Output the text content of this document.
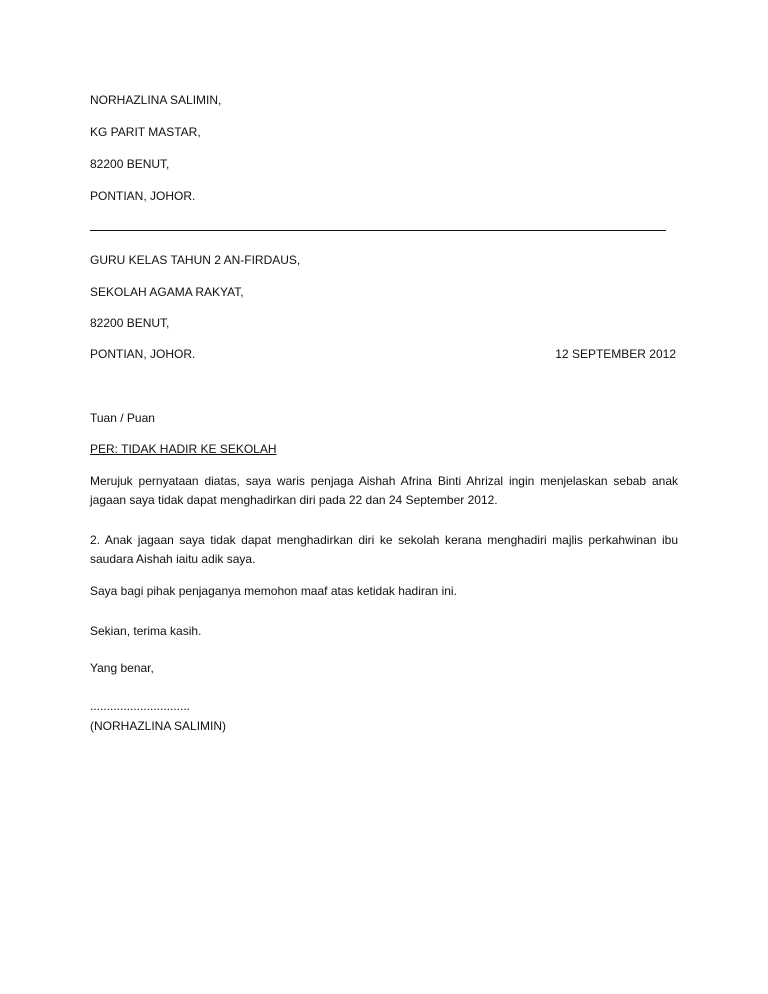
NORHAZLINA SALIMIN,
KG PARIT MASTAR,
82200 BENUT,
PONTIAN, JOHOR.
GURU KELAS TAHUN 2 AN-FIRDAUS,
SEKOLAH AGAMA RAKYAT,
82200 BENUT,
PONTIAN, JOHOR.	12 SEPTEMBER 2012
Tuan / Puan
PER: TIDAK HADIR KE SEKOLAH
Merujuk pernyataan diatas, saya waris penjaga Aishah Afrina Binti Ahrizal ingin menjelaskan sebab anak jagaan saya tidak dapat menghadirkan diri pada 22 dan 24 September 2012.
2. Anak jagaan saya tidak dapat menghadirkan diri ke sekolah kerana menghadiri majlis perkahwinan ibu saudara Aishah iaitu adik saya.
Saya bagi pihak penjaganya memohon maaf atas ketidak hadiran ini.
Sekian, terima kasih.
Yang benar,
..............................
(NORHAZLINA SALIMIN)
